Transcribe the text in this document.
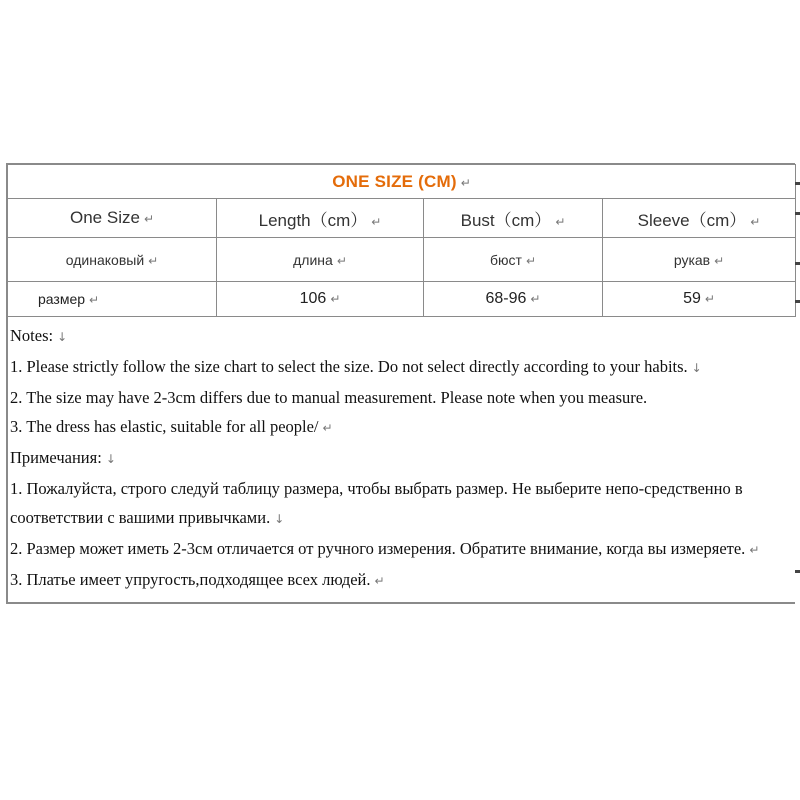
ONE SIZE (CM) ↵			
One Size ↵	Length（cm） ↵	Bust（cm） ↵	Sleeve（cm） ↵
одинаковый ↵	длина ↵	бюст ↵	рукав ↵
размер ↵	106 ↵	68-96 ↵	59 ↵

Notes: ↓

1. Please strictly follow the size chart to select the size. Do not select directly according to your habits. ↓

2. The size may have 2-3cm differs due to manual measurement. Please note when you measure.

3. The dress has elastic, suitable for all people/ ↵

Примечания: ↓

1. Пожалуйста, строго следуй таблицу размера, чтобы выбрать размер. Не выберите непо-средственно в соответствии с вашими привычками. ↓

2. Размер может иметь 2-3см отличается от ручного измерения. Обратите внимание, когда вы измеряете. ↵

3. Платье имеет упругость,подходящее всех людей. ↵
